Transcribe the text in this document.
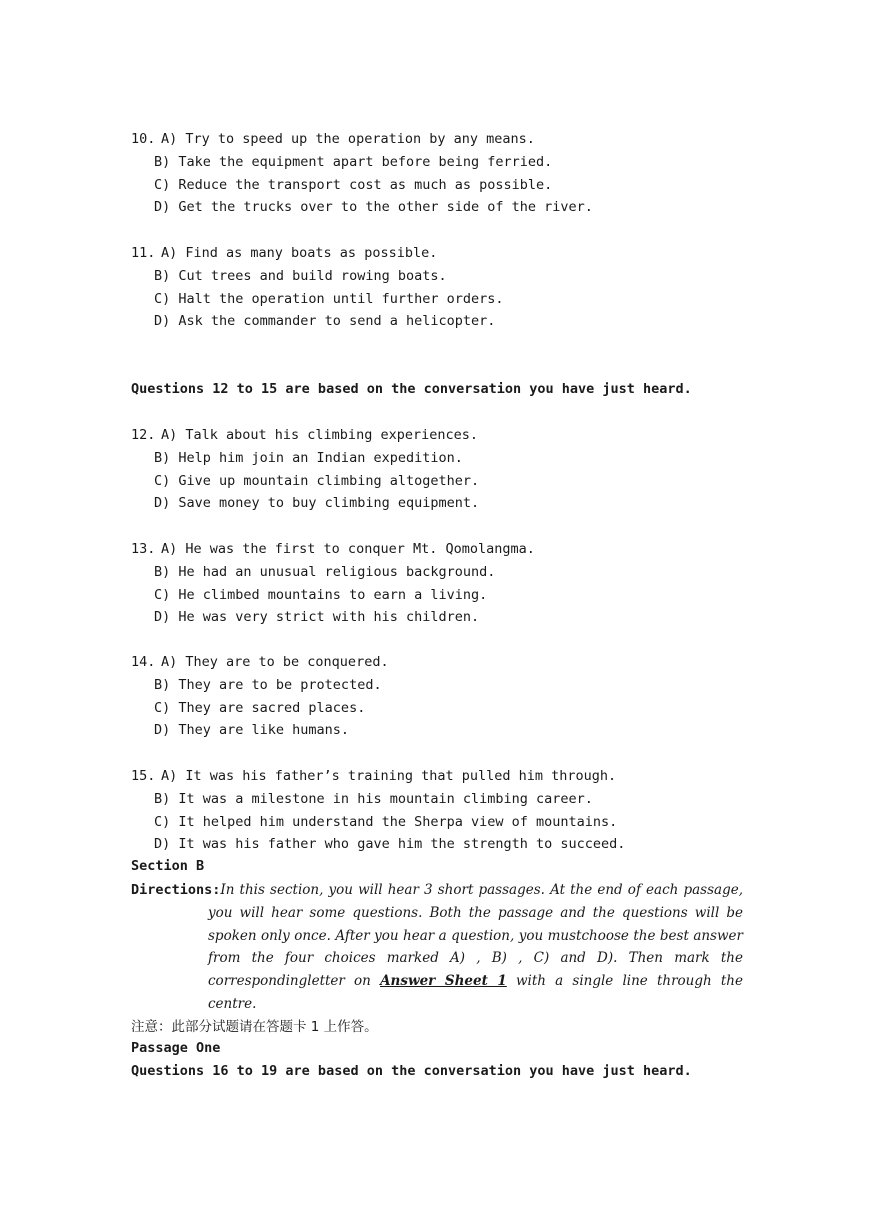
10. A) Try to speed up the operation by any means.
B) Take the equipment apart before being ferried.
C) Reduce the transport cost as much as possible.
D) Get the trucks over to the other side of the river.
11. A) Find as many boats as possible.
B) Cut trees and build rowing boats.
C) Halt the operation until further orders.
D) Ask the commander to send a helicopter.
Questions 12 to 15 are based on the conversation you have just heard.
12. A) Talk about his climbing experiences.
B) Help him join an Indian expedition.
C) Give up mountain climbing altogether.
D) Save money to buy climbing equipment.
13. A) He was the first to conquer Mt. Qomolangma.
B) He had an unusual religious background.
C) He climbed mountains to earn a living.
D) He was very strict with his children.
14. A) They are to be conquered.
B) They are to be protected.
C) They are sacred places.
D) They are like humans.
15. A) It was his father’s training that pulled him through.
B) It was a milestone in his mountain climbing career.
C) It helped him understand the Sherpa view of mountains.
D) It was his father who gave him the strength to succeed.
Section B
Directions:In this section, you will hear 3 short passages. At the end of each passage, you will hear some questions. Both the passage and the questions will be spoken only once. After you hear a question, you mustchoose the best answer from the four choices marked A) , B) , C) and D). Then mark the correspondingletter on Answer Sheet 1 with a single line through the centre.
注意：此部分试题请在答题卡 1 上作答。
Passage One
Questions 16 to 19 are based on the conversation you have just heard.
